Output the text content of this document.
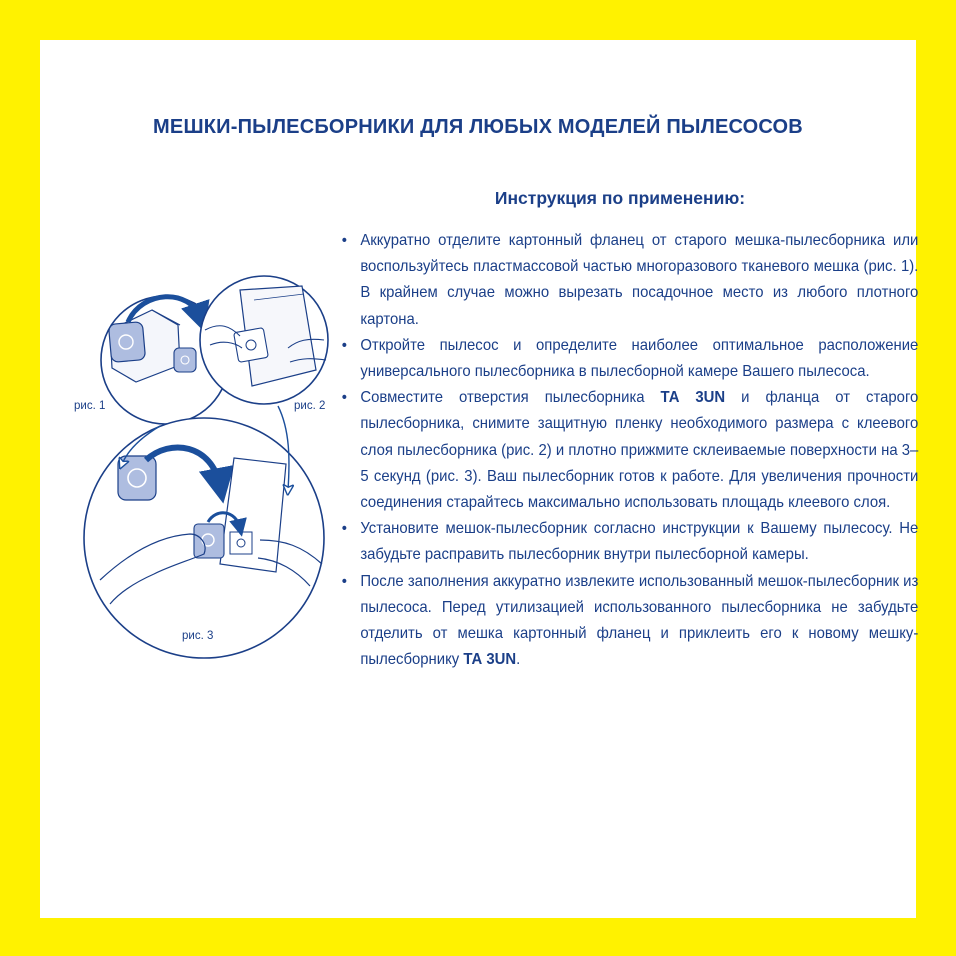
МЕШКИ-ПЫЛЕСБОРНИКИ ДЛЯ ЛЮБЫХ МОДЕЛЕЙ ПЫЛЕСОСОВ
Инструкция по применению:
рис. 1	рис. 2
рис. 3
• Аккуратно отделите картонный фланец от старого мешка-пылесборника или воспользуйтесь пластмассовой частью многоразового тканевого мешка (рис. 1). В крайнем случае можно вырезать посадочное место из любого плотного картона.
• Откройте пылесос и определите наиболее оптимальное расположение универсального пылесборника в пылесборной камере Вашего пылесоса.
• Совместите отверстия пылесборника ТА 3UN и фланца от старого пылесборника, снимите защитную пленку необходимого размера с клеевого слоя пылесборника (рис. 2) и плотно прижмите склеиваемые поверхности на 3–5 секунд (рис. 3). Ваш пылесборник готов к работе. Для увеличения прочности соединения старайтесь максимально использовать площадь клеевого слоя.
• Установите мешок-пылесборник согласно инструкции к Вашему пылесосу. Не забудьте расправить пылесборник внутри пылесборной камеры.
• После заполнения аккуратно извлеките использованный мешок-пылесборник из пылесоса. Перед утилизацией использованного пылесборника не забудьте отделить от мешка картонный фланец и приклеить его к новому мешку-пылесборнику ТА 3UN.
